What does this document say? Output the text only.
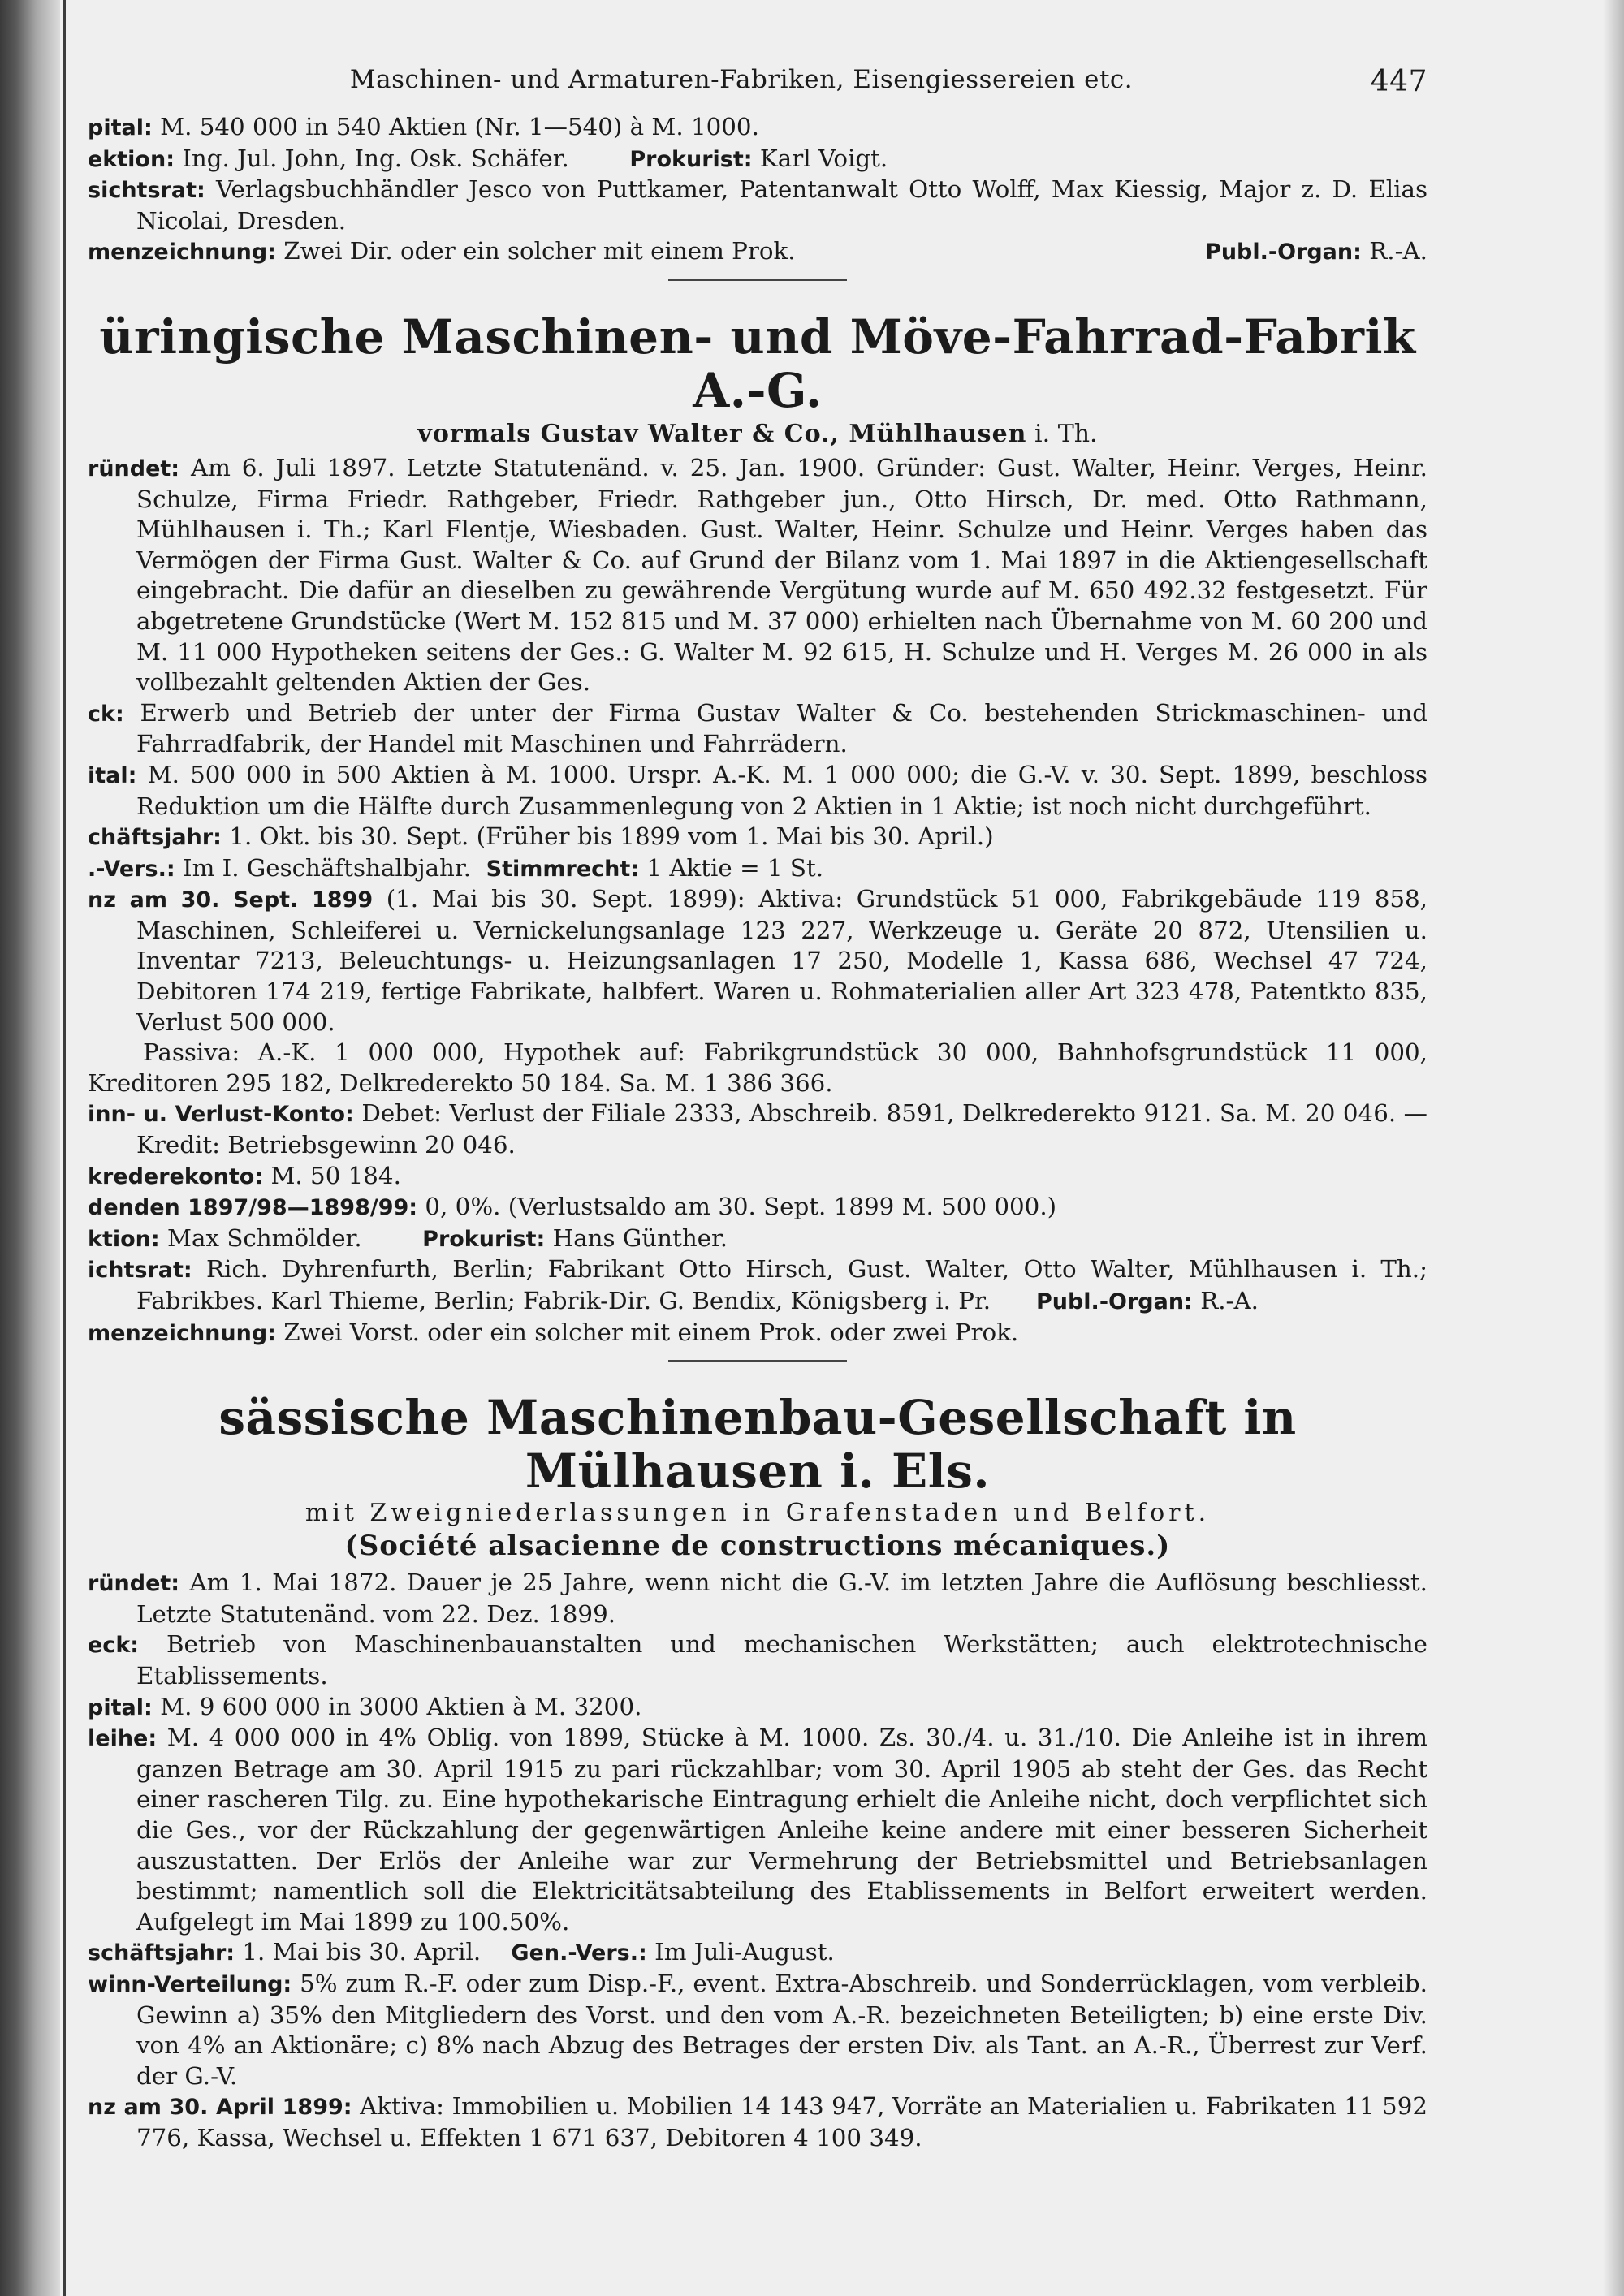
Maschinen- und Armaturen-Fabriken, Eisengiessereien etc.	447

pital: M. 540 000 in 540 Aktien (Nr. 1—540) à M. 1000.

ektion: Ing. Jul. John, Ing. Osk. Schäfer.	Prokurist: Karl Voigt.

sichtsrat: Verlagsbuchhändler Jesco von Puttkamer, Patentanwalt Otto Wolff, Max Kiessig, Major z. D. Elias Nicolai, Dresden.

menzeichnung: Zwei Dir. oder ein solcher mit einem Prok.	Publ.-Organ: R.-A.

üringische Maschinen- und Möve-Fahrrad-Fabrik A.-G.

vormals Gustav Walter & Co., Mühlhausen i. Th.

ründet: Am 6. Juli 1897. Letzte Statutenänd. v. 25. Jan. 1900. Gründer: Gust. Walter, Heinr. Verges, Heinr. Schulze, Firma Friedr. Rathgeber, Friedr. Rathgeber jun., Otto Hirsch, Dr. med. Otto Rathmann, Mühlhausen i. Th.; Karl Flentje, Wiesbaden. Gust. Walter, Heinr. Schulze und Heinr. Verges haben das Vermögen der Firma Gust. Walter & Co. auf Grund der Bilanz vom 1. Mai 1897 in die Aktiengesellschaft eingebracht. Die dafür an dieselben zu gewährende Vergütung wurde auf M. 650 492.32 festgesetzt. Für abgetretene Grundstücke (Wert M. 152 815 und M. 37 000) erhielten nach Übernahme von M. 60 200 und M. 11 000 Hypotheken seitens der Ges.: G. Walter M. 92 615, H. Schulze und H. Verges M. 26 000 in als vollbezahlt geltenden Aktien der Ges.

ck: Erwerb und Betrieb der unter der Firma Gustav Walter & Co. bestehenden Strickmaschinen- und Fahrradfabrik, der Handel mit Maschinen und Fahrrädern.

ital: M. 500 000 in 500 Aktien à M. 1000. Urspr. A.-K. M. 1 000 000; die G.-V. v. 30. Sept. 1899, beschloss Reduktion um die Hälfte durch Zusammenlegung von 2 Aktien in 1 Aktie; ist noch nicht durchgeführt.

chäftsjahr: 1. Okt. bis 30. Sept. (Früher bis 1899 vom 1. Mai bis 30. April.)

.-Vers.: Im I. Geschäftshalbjahr. Stimmrecht: 1 Aktie = 1 St.

nz am 30. Sept. 1899 (1. Mai bis 30. Sept. 1899): Aktiva: Grundstück 51 000, Fabrikgebäude 119 858, Maschinen, Schleiferei u. Vernickelungsanlage 123 227, Werkzeuge u. Geräte 20 872, Utensilien u. Inventar 7213, Beleuchtungs- u. Heizungsanlagen 17 250, Modelle 1, Kassa 686, Wechsel 47 724, Debitoren 174 219, fertige Fabrikate, halbfert. Waren u. Rohmaterialien aller Art 323 478, Patentkto 835, Verlust 500 000.

Passiva: A.-K. 1 000 000, Hypothek auf: Fabrikgrundstück 30 000, Bahnhofsgrundstück 11 000, Kreditoren 295 182, Delkrederekto 50 184. Sa. M. 1 386 366.

inn- u. Verlust-Konto: Debet: Verlust der Filiale 2333, Abschreib. 8591, Delkrederekto 9121. Sa. M. 20 046. — Kredit: Betriebsgewinn 20 046.

krederekonto: M. 50 184.

denden 1897/98—1898/99: 0, 0%. (Verlustsaldo am 30. Sept. 1899 M. 500 000.)

ktion: Max Schmölder.	Prokurist: Hans Günther.

ichtsrat: Rich. Dyhrenfurth, Berlin; Fabrikant Otto Hirsch, Gust. Walter, Otto Walter, Mühlhausen i. Th.; Fabrikbes. Karl Thieme, Berlin; Fabrik-Dir. G. Bendix, Königsberg i. Pr. Publ.-Organ: R.-A.

menzeichnung: Zwei Vorst. oder ein solcher mit einem Prok. oder zwei Prok.

sässische Maschinenbau-Gesellschaft in Mülhausen i. Els.

mit Zweigniederlassungen in Grafenstaden und Belfort.

(Société alsacienne de constructions mécaniques.)

ründet: Am 1. Mai 1872. Dauer je 25 Jahre, wenn nicht die G.-V. im letzten Jahre die Auflösung beschliesst. Letzte Statutenänd. vom 22. Dez. 1899.

eck: Betrieb von Maschinenbauanstalten und mechanischen Werkstätten; auch elektrotechnische Etablissements.

pital: M. 9 600 000 in 3000 Aktien à M. 3200.

leihe: M. 4 000 000 in 4% Oblig. von 1899, Stücke à M. 1000. Zs. 30./4. u. 31./10. Die Anleihe ist in ihrem ganzen Betrage am 30. April 1915 zu pari rückzahlbar; vom 30. April 1905 ab steht der Ges. das Recht einer rascheren Tilg. zu. Eine hypothekarische Eintragung erhielt die Anleihe nicht, doch verpflichtet sich die Ges., vor der Rückzahlung der gegenwärtigen Anleihe keine andere mit einer besseren Sicherheit auszustatten. Der Erlös der Anleihe war zur Vermehrung der Betriebsmittel und Betriebsanlagen bestimmt; namentlich soll die Elektricitätsabteilung des Etablissements in Belfort erweitert werden. Aufgelegt im Mai 1899 zu 100.50%.

schäftsjahr: 1. Mai bis 30. April. Gen.-Vers.: Im Juli-August.

winn-Verteilung: 5% zum R.-F. oder zum Disp.-F., event. Extra-Abschreib. und Sonderrücklagen, vom verbleib. Gewinn a) 35% den Mitgliedern des Vorst. und den vom A.-R. bezeichneten Beteiligten; b) eine erste Div. von 4% an Aktionäre; c) 8% nach Abzug des Betrages der ersten Div. als Tant. an A.-R., Überrest zur Verf. der G.-V.

nz am 30. April 1899: Aktiva: Immobilien u. Mobilien 14 143 947, Vorräte an Materialien u. Fabrikaten 11 592 776, Kassa, Wechsel u. Effekten 1 671 637, Debitoren 4 100 349.
